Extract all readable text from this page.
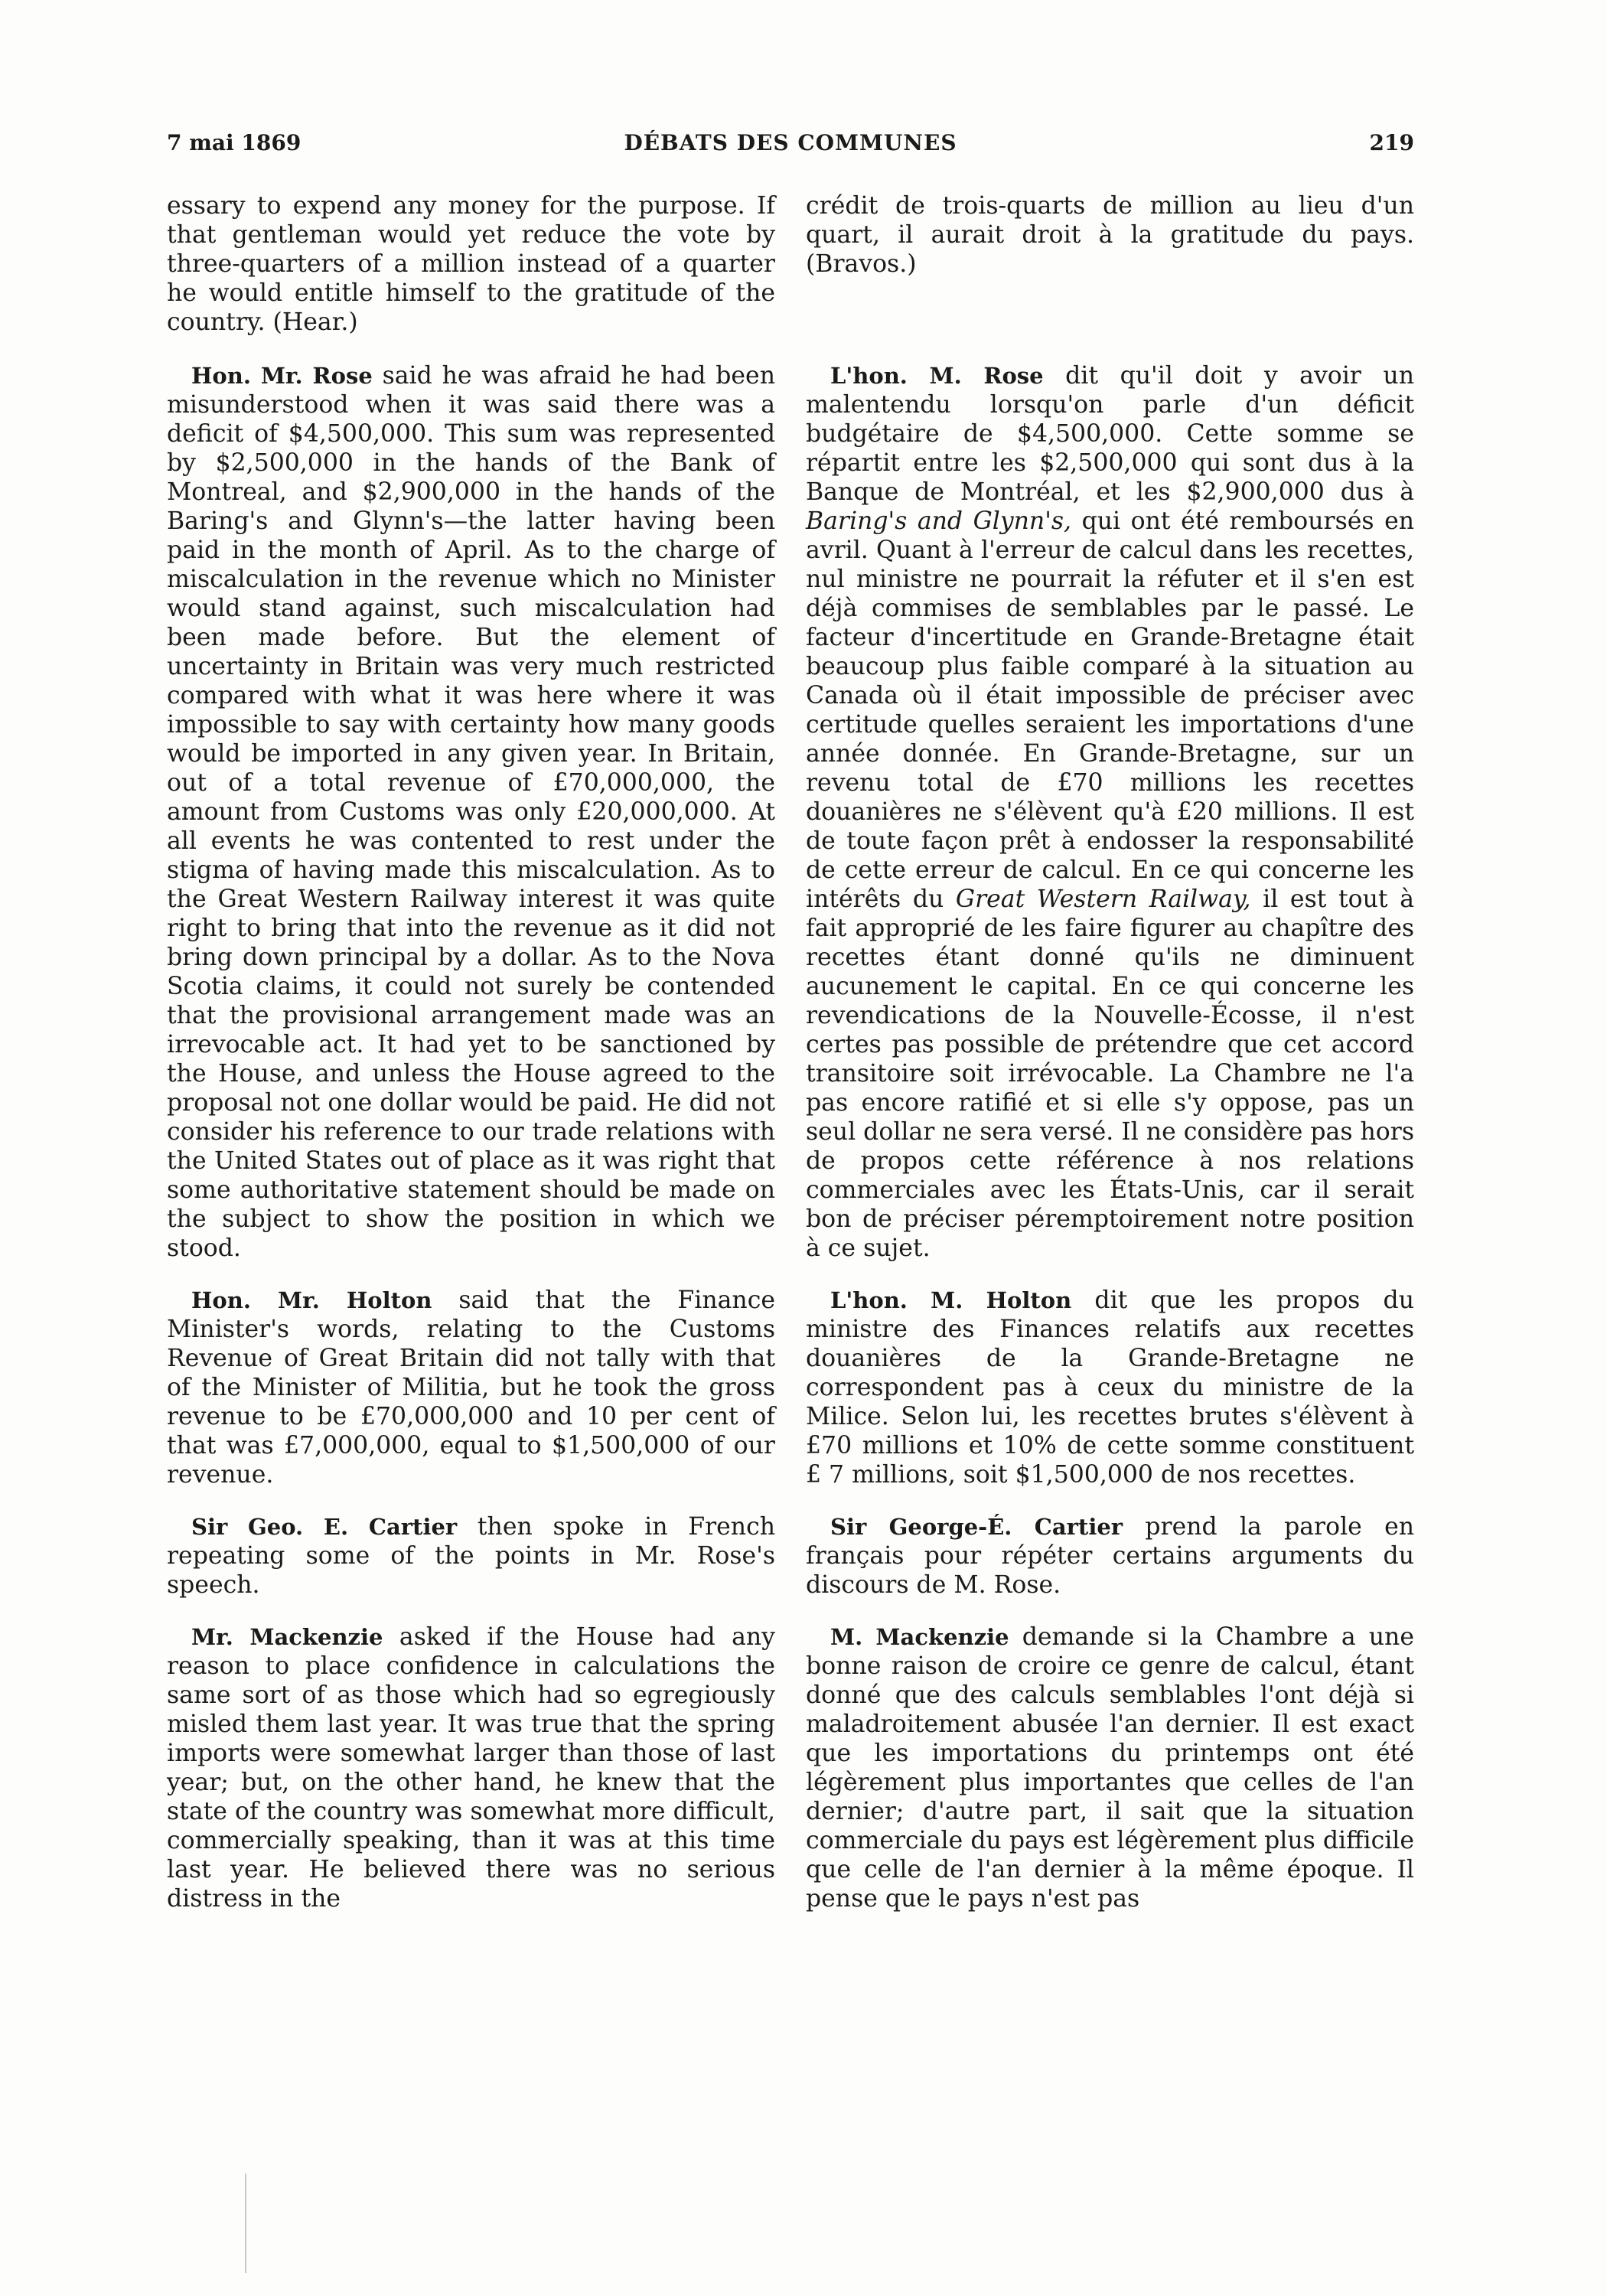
7 mai 1869	DÉBATS DES COMMUNES	219

essary to expend any money for the purpose. If that gentleman would yet reduce the vote by three-quarters of a million instead of a quarter he would entitle himself to the gratitude of the country. (Hear.)

Hon. Mr. Rose said he was afraid he had been misunderstood when it was said there was a deficit of $4,500,000. This sum was represented by $2,500,000 in the hands of the Bank of Montreal, and $2,900,000 in the hands of the Baring's and Glynn's—the latter having been paid in the month of April. As to the charge of miscalculation in the revenue which no Minister would stand against, such miscalculation had been made before. But the element of uncertainty in Britain was very much restricted compared with what it was here where it was impossible to say with certainty how many goods would be imported in any given year. In Britain, out of a total revenue of £70,000,000, the amount from Customs was only £20,000,000. At all events he was contented to rest under the stigma of having made this miscalculation. As to the Great Western Railway interest it was quite right to bring that into the revenue as it did not bring down principal by a dollar. As to the Nova Scotia claims, it could not surely be contended that the provisional arrangement made was an irrevocable act. It had yet to be sanctioned by the House, and unless the House agreed to the proposal not one dollar would be paid. He did not consider his reference to our trade relations with the United States out of place as it was right that some authoritative statement should be made on the subject to show the position in which we stood.

Hon. Mr. Holton said that the Finance Minister's words, relating to the Customs Revenue of Great Britain did not tally with that of the Minister of Militia, but he took the gross revenue to be £70,000,000 and 10 per cent of that was £7,000,000, equal to $1,500,000 of our revenue.

Sir Geo. E. Cartier then spoke in French repeating some of the points in Mr. Rose's speech.

Mr. Mackenzie asked if the House had any reason to place confidence in calculations the same sort of as those which had so egregiously misled them last year. It was true that the spring imports were somewhat larger than those of last year; but, on the other hand, he knew that the state of the country was somewhat more difficult, commercially speaking, than it was at this time last year. He believed there was no serious distress in the

crédit de trois-quarts de million au lieu d'un quart, il aurait droit à la gratitude du pays. (Bravos.)

L'hon. M. Rose dit qu'il doit y avoir un malentendu lorsqu'on parle d'un déficit budgétaire de $4,500,000. Cette somme se répartit entre les $2,500,000 qui sont dus à la Banque de Montréal, et les $2,900,000 dus à Baring's and Glynn's, qui ont été remboursés en avril. Quant à l'erreur de calcul dans les recettes, nul ministre ne pourrait la réfuter et il s'en est déjà commises de semblables par le passé. Le facteur d'incertitude en Grande-Bretagne était beaucoup plus faible comparé à la situation au Canada où il était impossible de préciser avec certitude quelles seraient les importations d'une année donnée. En Grande-Bretagne, sur un revenu total de £70 millions les recettes douanières ne s'élèvent qu'à £20 millions. Il est de toute façon prêt à endosser la responsabilité de cette erreur de calcul. En ce qui concerne les intérêts du Great Western Railway, il est tout à fait approprié de les faire figurer au chapître des recettes étant donné qu'ils ne diminuent aucunement le capital. En ce qui concerne les revendications de la Nouvelle-Écosse, il n'est certes pas possible de prétendre que cet accord transitoire soit irrévocable. La Chambre ne l'a pas encore ratifié et si elle s'y oppose, pas un seul dollar ne sera versé. Il ne considère pas hors de propos cette référence à nos relations commerciales avec les États-Unis, car il serait bon de préciser péremptoirement notre position à ce sujet.

L'hon. M. Holton dit que les propos du ministre des Finances relatifs aux recettes douanières de la Grande-Bretagne ne correspondent pas à ceux du ministre de la Milice. Selon lui, les recettes brutes s'élèvent à £70 millions et 10% de cette somme constituent £ 7 millions, soit $1,500,000 de nos recettes.

Sir George-É. Cartier prend la parole en français pour répéter certains arguments du discours de M. Rose.

M. Mackenzie demande si la Chambre a une bonne raison de croire ce genre de calcul, étant donné que des calculs semblables l'ont déjà si maladroitement abusée l'an dernier. Il est exact que les importations du printemps ont été légèrement plus importantes que celles de l'an dernier; d'autre part, il sait que la situation commerciale du pays est légèrement plus difficile que celle de l'an dernier à la même époque. Il pense que le pays n'est pas
